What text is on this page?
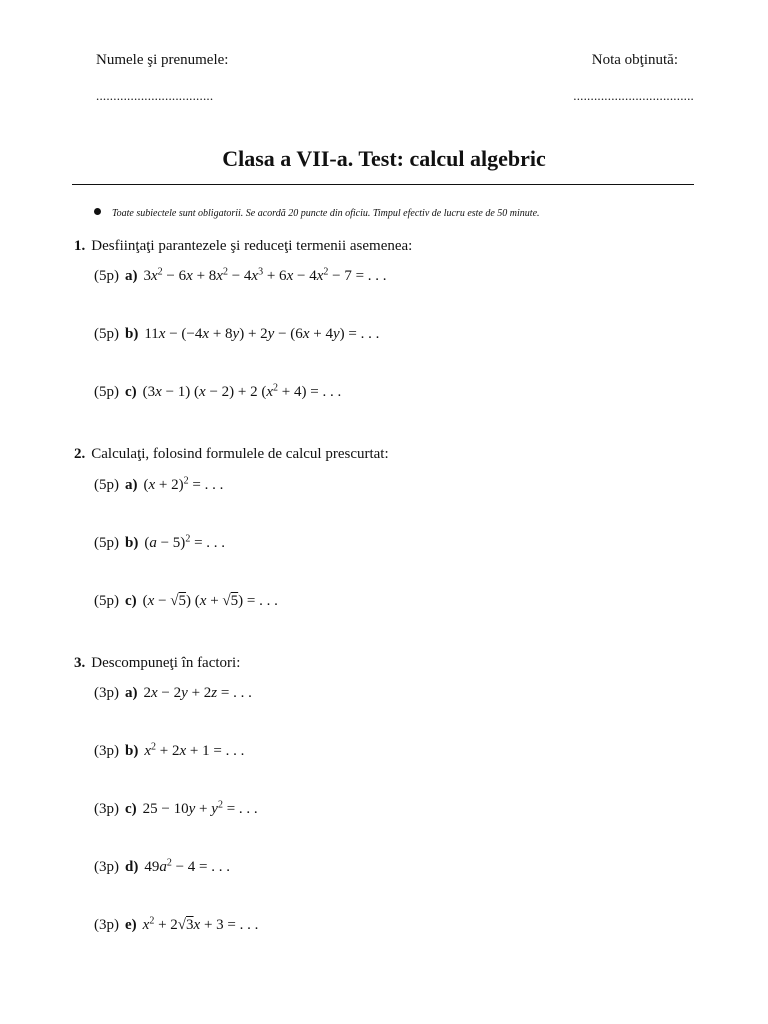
Numele şi prenumele:	Nota obţinută:
..................................	...................................
Clasa a VII-a. Test: calcul algebric
Toate subiectele sunt obligatorii. Se acordă 20 puncte din oficiu. Timpul efectiv de lucru este de 50 minute.
1. Desfiinţaţi parantezele şi reduceţi termenii asemenea:
(5p) a) $3x^2 - 6x + 8x^2 - 4x^3 + 6x - 4x^2 - 7$ = . . .
(5p) b) 11x − (−4x + 8y) + 2y − (6x + 4y) = . . .
(5p) c) (3x − 1) (x − 2) + 2 $(x^2 + 4)$ = . . .
2. Calculaţi, folosind formulele de calcul prescurtat:
(5p) a) $(x + 2)^2$ = . . .
(5p) b) $(a - 5)^2$ = . . .
(5p) c) (x − √5) (x + √5) = . . .
3. Descompuneţi în factori:
(3p) a) 2x − 2y + 2z = . . .
(3p) b) $x^2 + 2x + 1$ = . . .
(3p) c) $25 - 10y + y^2$ = . . .
(3p) d) $49a^2 - 4$ = . . .
(3p) e) $x^2 + 2√3x + 3$ = . . .
